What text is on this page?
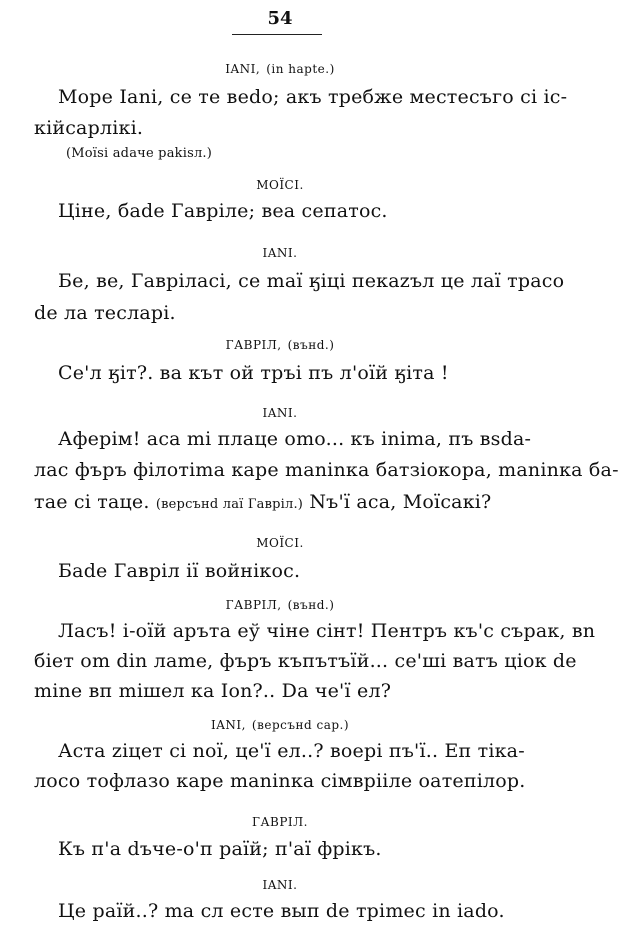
54
IANI, (in hapte.)
Море Iani, се те веdо; акъ требже местесъго сі іс-
кійсарлікі.
(Moïsi adаче pakisл.)
МОЇСІ.
Ціне, баdе Гавріле; веа сепатос.
IANI.
Бе, ве, Гаврілаcі, се maї ӄіці пекаzъл це лаї трасо
de ла теслapі.
ГАВРІЛ, (вънd.)
Се'л ӄіт?. ва кът ой тръі пъ л'оїй ӄіта !
IANI.
Аферім! аса mі плаце omo... къ inima, пъ вsdа-
лас фъръ філотіma каре maninка батзіокора, maninка ба-
тае сі таце. (версънd лаї Гавріл.) Nъ'ї аса, Моїсакі?
МОЇСІ.
Баdе Гавріл ії войнікос.
ГАВРІЛ, (вънd.)
Ласъ! і-оїй аръта еў чіне сінт! Пентръ къ'c сърак, вn
біет om din лаme, фъръ къпътъїй... се'ші ватъ ціок de
mine вп mішел ка Ion?.. Da че'ї ел?
IANI, (версънd сар.)
Аста zіцет сі noї, це'ї ел..? воері пъ'ї.. Еп тіка-
лосо тофлазо каре maninка сімврііле оатепілор.
ГАВРІЛ.
Къ п'а dъче-о'п раїй; п'аї фрікъ.
IANI.
Це раїй..? ma сл есте вып de тріmec іn iado.
